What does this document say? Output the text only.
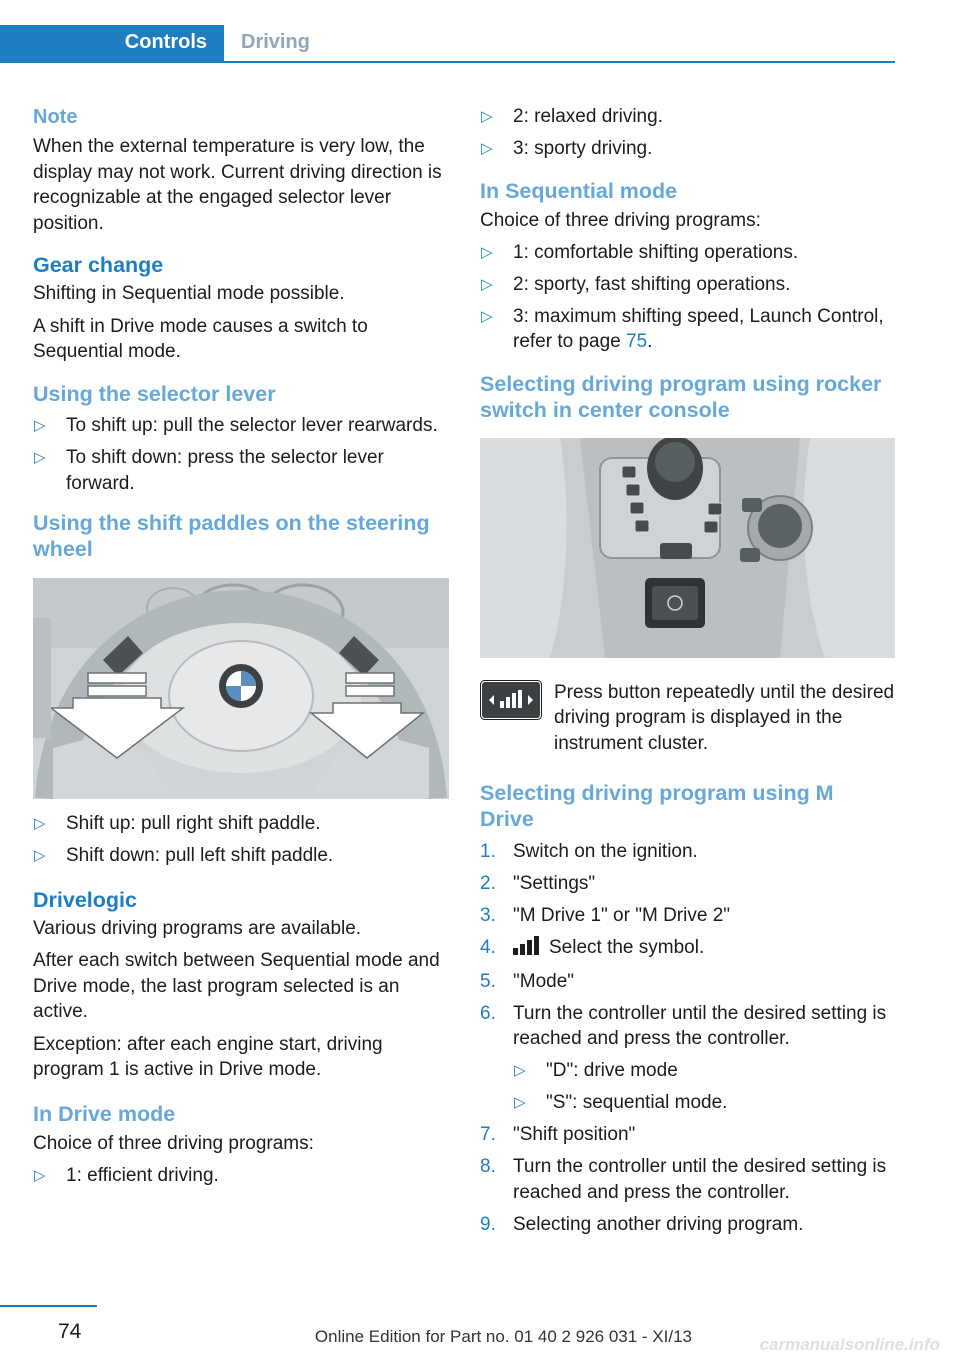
Controls Driving
Note

When the external temperature is very low, the display may not work. Current driving direction is recognizable at the engaged selector lever position.

Gear change

Shifting in Sequential mode possible.

A shift in Drive mode causes a switch to Sequential mode.

Using the selector lever
▷ To shift up: pull the selector lever rearwards.
▷ To shift down: press the selector lever forward.
Using the shift paddles on the steering wheel
▷ Shift up: pull right shift paddle.
▷ Shift down: pull left shift paddle.
Drivelogic

Various driving programs are available.

After each switch between Sequential mode and Drive mode, the last program selected is an active.

Exception: after each engine start, driving program 1 is active in Drive mode.

In Drive mode

Choice of three driving programs:

▷ 1: efficient driving.
▷ 2: relaxed driving.
▷ 3: sporty driving.
In Sequential mode

Choice of three driving programs:

▷ 1: comfortable shifting operations.
▷ 2: sporty, fast shifting operations.
▷ 3: maximum shifting speed, Launch Control, refer to page 75.
Selecting driving program using rocker switch in center console

Press button repeatedly until the desired driving program is displayed in the instrument cluster.

Selecting driving program using M Drive
1. Switch on the ignition.
2. "Settings"
3. "M Drive 1" or "M Drive 2"
4.	Select the symbol.
5. "Mode"
6. Turn the controller until the desired setting is reached and press the controller.
▷ "D": drive mode
▷ "S": sequential mode.
7. "Shift position"
8. Turn the controller until the desired setting is reached and press the controller.
9. Selecting another driving program.
74	Online Edition for Part no. 01 40 2 926 031 - XI/13	carmanualsonline.info
